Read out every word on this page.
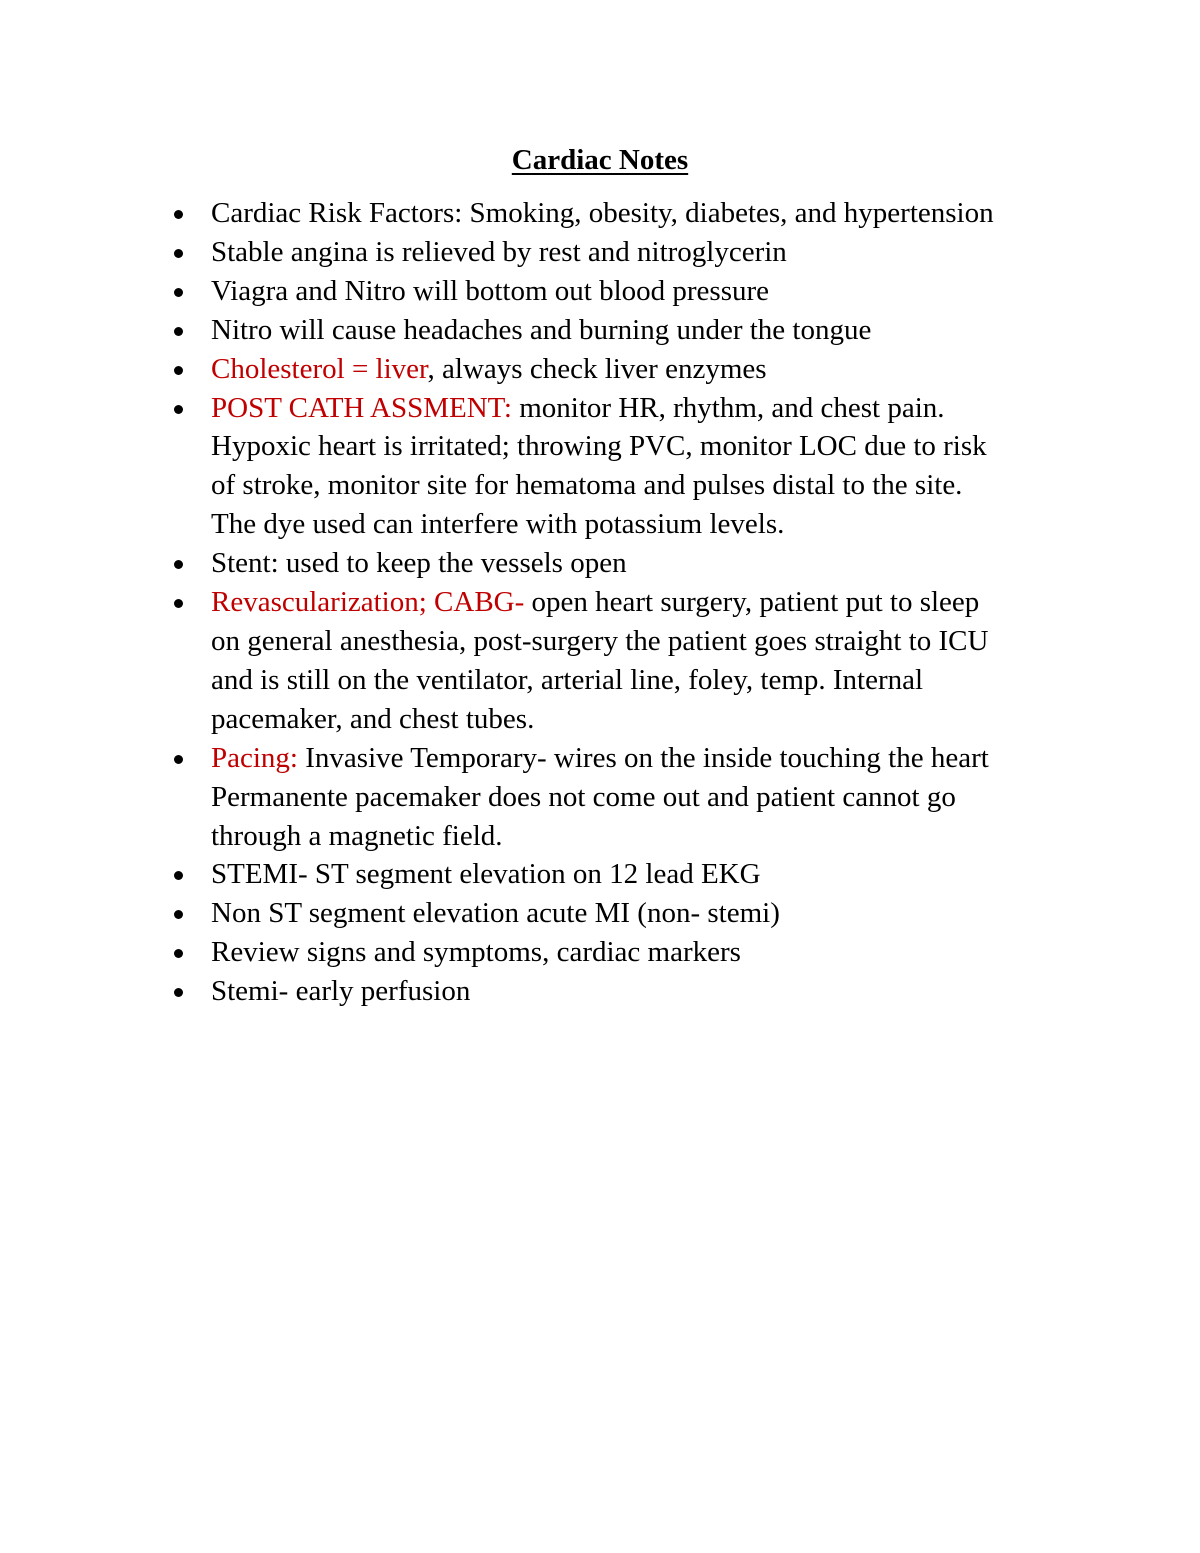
Cardiac Notes
Cardiac Risk Factors: Smoking, obesity, diabetes, and hypertension
Stable angina is relieved by rest and nitroglycerin
Viagra and Nitro will bottom out blood pressure
Nitro will cause headaches and burning under the tongue
Cholesterol = liver, always check liver enzymes
POST CATH ASSMENT: monitor HR, rhythm, and chest pain.
Hypoxic heart is irritated; throwing PVC, monitor LOC due to risk
of stroke, monitor site for hematoma and pulses distal to the site.
The dye used can interfere with potassium levels.
Stent: used to keep the vessels open
Revascularization; CABG- open heart surgery, patient put to sleep
on general anesthesia, post-surgery the patient goes straight to ICU
and is still on the ventilator, arterial line, foley, temp. Internal
pacemaker, and chest tubes.
Pacing: Invasive Temporary- wires on the inside touching the heart
Permanente pacemaker does not come out and patient cannot go
through a magnetic field.
STEMI- ST segment elevation on 12 lead EKG
Non ST segment elevation acute MI (non- stemi)
Review signs and symptoms, cardiac markers
Stemi- early perfusion
